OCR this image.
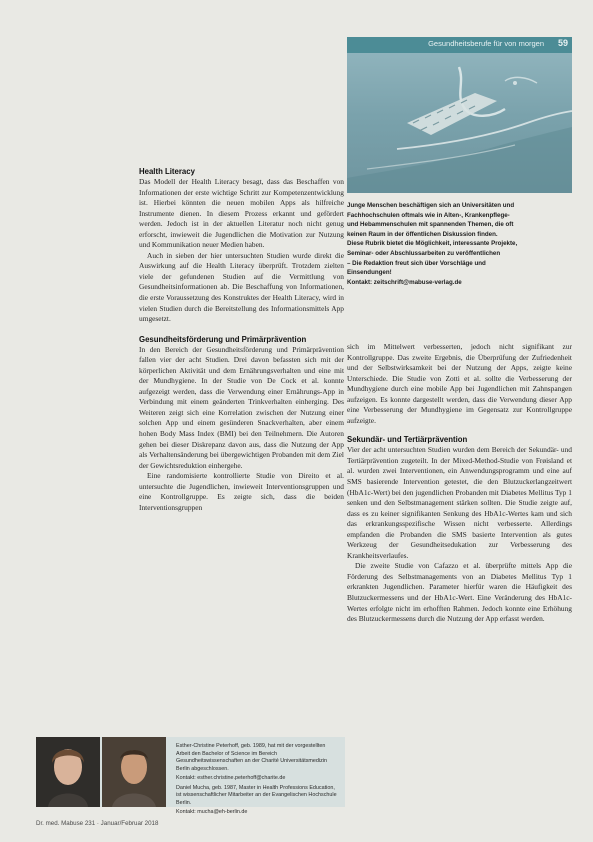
Gesundheitsberufe für von morgen 59

Junge Menschen beschäftigen sich an Universitäten und

Fachhochschulen oftmals wie in Alten-, Krankenpflege-

und Hebammenschulen mit spannenden Themen, die oft

keinen Raum in der öffentlichen Diskussion finden.

Diese Rubrik bietet die Möglichkeit, interessante Projekte,

Seminar- oder Abschlussarbeiten zu veröffentlichen

– Die Redaktion freut sich über Vorschläge und

Einsendungen!

Kontakt: zeitschrift@mabuse-verlag.de

Health Literacy

Das Modell der Health Literacy besagt, dass das Beschaffen von Informationen der erste wichtige Schritt zur Kompetenzentwicklung ist. Hierbei könnten die neuen mobilen Apps als hilfreiche Instrumente dienen. In diesem Prozess erkannt und gefördert werden. Jedoch ist in der aktuellen Literatur noch nicht genug erforscht, inwieweit die Jugendlichen die Motivation zur Nutzung und Kommunikation neuer Medien haben.

Auch in sieben der hier untersuchten Studien wurde direkt die Auswirkung auf die Health Literacy überprüft. Trotzdem zielten viele der gefundenen Studien auf die Vermittlung von Gesundheitsinformationen ab. Die Beschaffung von Informationen, die erste Voraussetzung des Konstruktes der Health Literacy, wird in vielen Studien durch die Bereitstellung des Informationsmittels App umgesetzt.

Gesundheitsförderung und Primärprävention

In den Bereich der Gesundheitsförderung und Primärprävention fallen vier der acht Studien. Drei davon befassten sich mit der körperlichen Aktivität und dem Ernährungsverhalten und eine mit der Mundhygiene. In der Studie von De Cock et al. konnte aufgezeigt werden, dass die Verwendung einer Ernährungs-App in Verbindung mit einem geänderten Trinkverhalten einherging. Des Weiteren zeigt sich eine Korrelation zwischen der Nutzung einer solchen App und einem gesünderen Snackverhalten, aber einem hohen Body Mass Index (BMI) bei den Teilnehmern. Die Autoren gehen bei dieser Diskrepanz davon aus, dass die Nutzung der App als Verhaltensänderung bei übergewichtigen Probanden mit dem Ziel der Gewichtsreduktion einhergehe.

Eine randomisierte kontrollierte Studie von Direito et al. untersuchte die Jugendlichen, inwieweit Interventionsgruppen und eine Kontrollgruppe. Es zeigte sich, dass die beiden Interventionsgruppen

sich im Mittelwert verbesserten, jedoch nicht signifikant zur Kontrollgruppe. Das zweite Ergebnis, die Überprüfung der Zufriedenheit und der Selbstwirksamkeit bei der Nutzung der Apps, zeigte keine Unterschiede. Die Studie von Zotti et al. sollte die Verbesserung der Mundhygiene durch eine mobile App bei Jugendlichen mit Zahnspangen aufzeigen. Es konnte dargestellt werden, dass die Verwendung dieser App eine Verbesserung der Mundhygiene im Gegensatz zur Kontrollgruppe aufzeigte.

Sekundär- und Tertiärprävention

Vier der acht untersuchten Studien wurden dem Bereich der Sekundär- und Tertiärprävention zugeteilt. In der Mixed-Method-Studie von Frøisland et al. wurden zwei Interventionen, ein Anwendungsprogramm und eine auf SMS basierende Intervention getestet, die den Blutzuckerlangzeitwert (HbA1c-Wert) bei den jugendlichen Probanden mit Diabetes Mellitus Typ 1 senken und den Selbstmanagement stärken sollten. Die Studie zeigte auf, dass es zu keiner signifikanten Senkung des HbA1c-Wertes kam und sich das erkrankungsspezifische Wissen nicht verbesserte. Allerdings empfanden die Probanden die SMS basierte Intervention als gutes Werkzeug der Gesundheitsedukation zur Verbesserung des Krankheitsverlaufes.

Die zweite Studie von Cafazzo et al. überprüfte mittels App die Förderung des Selbstmanagements von an Diabetes Mellitus Typ 1 erkrankten Jugendlichen. Parameter hierfür waren die Häufigkeit des Blutzuckermessens und der HbA1c-Wert. Eine Veränderung des HbA1c-Wertes erfolgte nicht im erhofften Rahmen. Jedoch konnte eine Erhöhung des Blutzuckermessens durch die Nutzung der App erfasst werden.

Esther-Christine Peterhoff, geb. 1989, hat mit der vorgestellten Arbeit den Bachelor of Science im Bereich Gesundheitswissenschaften an der Charité Universitätsmedizin Berlin abgeschlossen.

Kontakt: esther.christine.peterhoff@charite.de

Daniel Mucha, geb. 1987, Master in Health Professions Education, ist wissenschaftlicher Mitarbeiter an der Evangelischen Hochschule Berlin.

Kontakt: mucha@eh-berlin.de

Dr. med. Mabuse 231 · Januar/Februar 2018
